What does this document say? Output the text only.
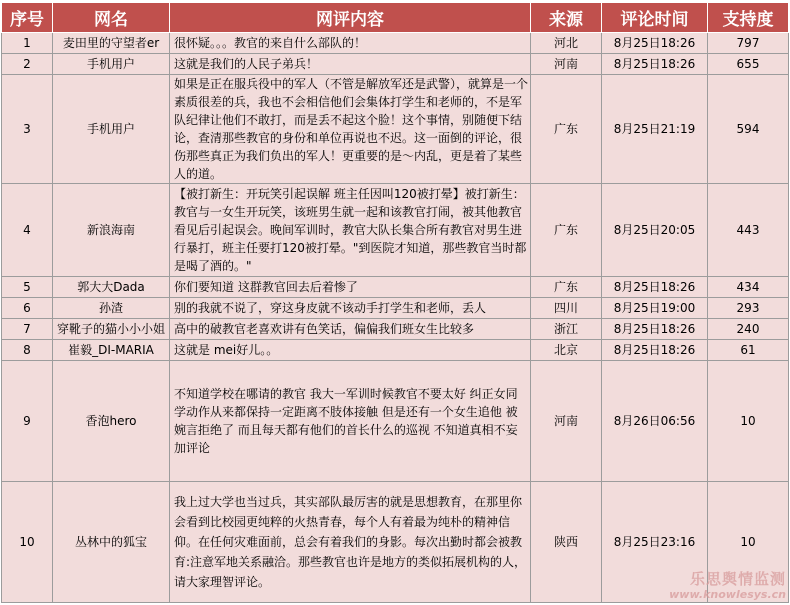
序号	网名	网评内容	来源	评论时间	支持度
1	麦田里的守望者er	很怀疑。。。教官的来自什么部队的！	河北	8月25日18:26	797
2	手机用户	这就是我们的人民子弟兵！	河南	8月25日18:26	655
3	手机用户	如果是正在服兵役中的军人（不管是解放军还是武警），就算是一个素质很差的兵，我也不会相信他们会集体打学生和老师的，不是军队纪律让他们不敢打，而是丢不起这个脸！这个事情，别随便下结论，查清那些教官的身份和单位再说也不迟。这一面倒的评论，很伤那些真正为我们负出的军人！更重要的是～内乱，更是着了某些人的道。	广东	8月25日21:19	594
4	新浪海南	【被打新生：开玩笑引起误解 班主任因叫120被打晕】被打新生：教官与一女生开玩笑，该班男生就一起和该教官打闹，被其他教官看见后引起误会。晚间军训时，教官大队长集合所有教官对男生进行暴打，班主任要打120被打晕。"到医院才知道，那些教官当时都是喝了酒的。"	广东	8月25日20:05	443
5	郭大大Dada	你们要知道 这群教官回去后着惨了	广东	8月25日18:26	434
6	孙渣	别的我就不说了，穿这身皮就不该动手打学生和老师，丢人	四川	8月25日19:00	293
7	穿靴子的猫小小小姐	高中的破教官老喜欢讲有色笑话，偏偏我们班女生比较多	浙江	8月25日18:26	240
8	崔毅_DI-MARIA	这就是 mei好儿。。	北京	8月25日18:26	61
9	香泡hero	不知道学校在哪请的教官 我大一军训时候教官不要太好 纠正女同学动作从来都保持一定距离不肢体接触 但是还有一个女生追他 被婉言拒绝了 而且每天都有他们的首长什么的巡视 不知道真相不妄加评论	河南	8月26日06:56	10
10	丛林中的狐宝	我上过大学也当过兵，其实部队最厉害的就是思想教育，在那里你会看到比校园更纯粹的火热青春，每个人有着最为纯朴的精神信仰。在任何灾难面前，总会有着我们的身影。每次出勤时都会被教育:注意军地关系融洽。那些教官也许是地方的类似拓展机构的人，请大家理智评论。	陕西	8月25日23:16	10
乐思舆情监测
www.knowlesys.cn
